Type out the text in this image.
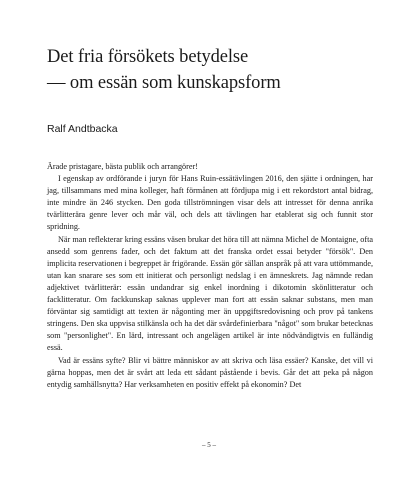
Det fria försökets betydelse
— om essän som kunskapsform
Ralf Andtbacka

Ärade pristagare, bästa publik och arrangörer!

I egenskap av ordförande i juryn för Hans Ruin-essätävlingen 2016, den sjätte i ordningen, har jag, tillsammans med mina kolleger, haft förmånen att fördjupa mig i ett rekordstort antal bidrag, inte mindre än 246 stycken. Den goda tillströmningen visar dels att intresset för denna anrika tvärlitterära genre lever och mår väl, och dels att tävlingen har etablerat sig och funnit stor spridning.

När man reflekterar kring essäns väsen brukar det höra till att nämna Michel de Montaigne, ofta ansedd som genrens fader, och det faktum att det franska ordet essai betyder "försök". Den implicita reservationen i begreppet är frigörande. Essän gör sällan anspråk på att vara uttömmande, utan kan snarare ses som ett initierat och personligt nedslag i en ämneskrets. Jag nämnde redan adjektivet tvärlitterär: essän undandrar sig enkel inordning i dikotomin skönlitteratur och facklitteratur. Om fackkunskap saknas upplever man fort att essän saknar substans, men man förväntar sig samtidigt att texten är någonting mer än uppgiftsredovisning och prov på tankens stringens. Den ska uppvisa stilkänsla och ha det där svårdefinierbara "något" som brukar betecknas som "personlighet". En lärd, intressant och angelägen artikel är inte nödvändigtvis en fulländig essä.

Vad är essäns syfte? Blir vi bättre människor av att skriva och läsa essäer? Kanske, det vill vi gärna hoppas, men det är svårt att leda ett sådant påstående i bevis. Går det att peka på någon entydig samhällsnytta? Har verksamheten en positiv effekt på ekonomin? Det

– 5 –
